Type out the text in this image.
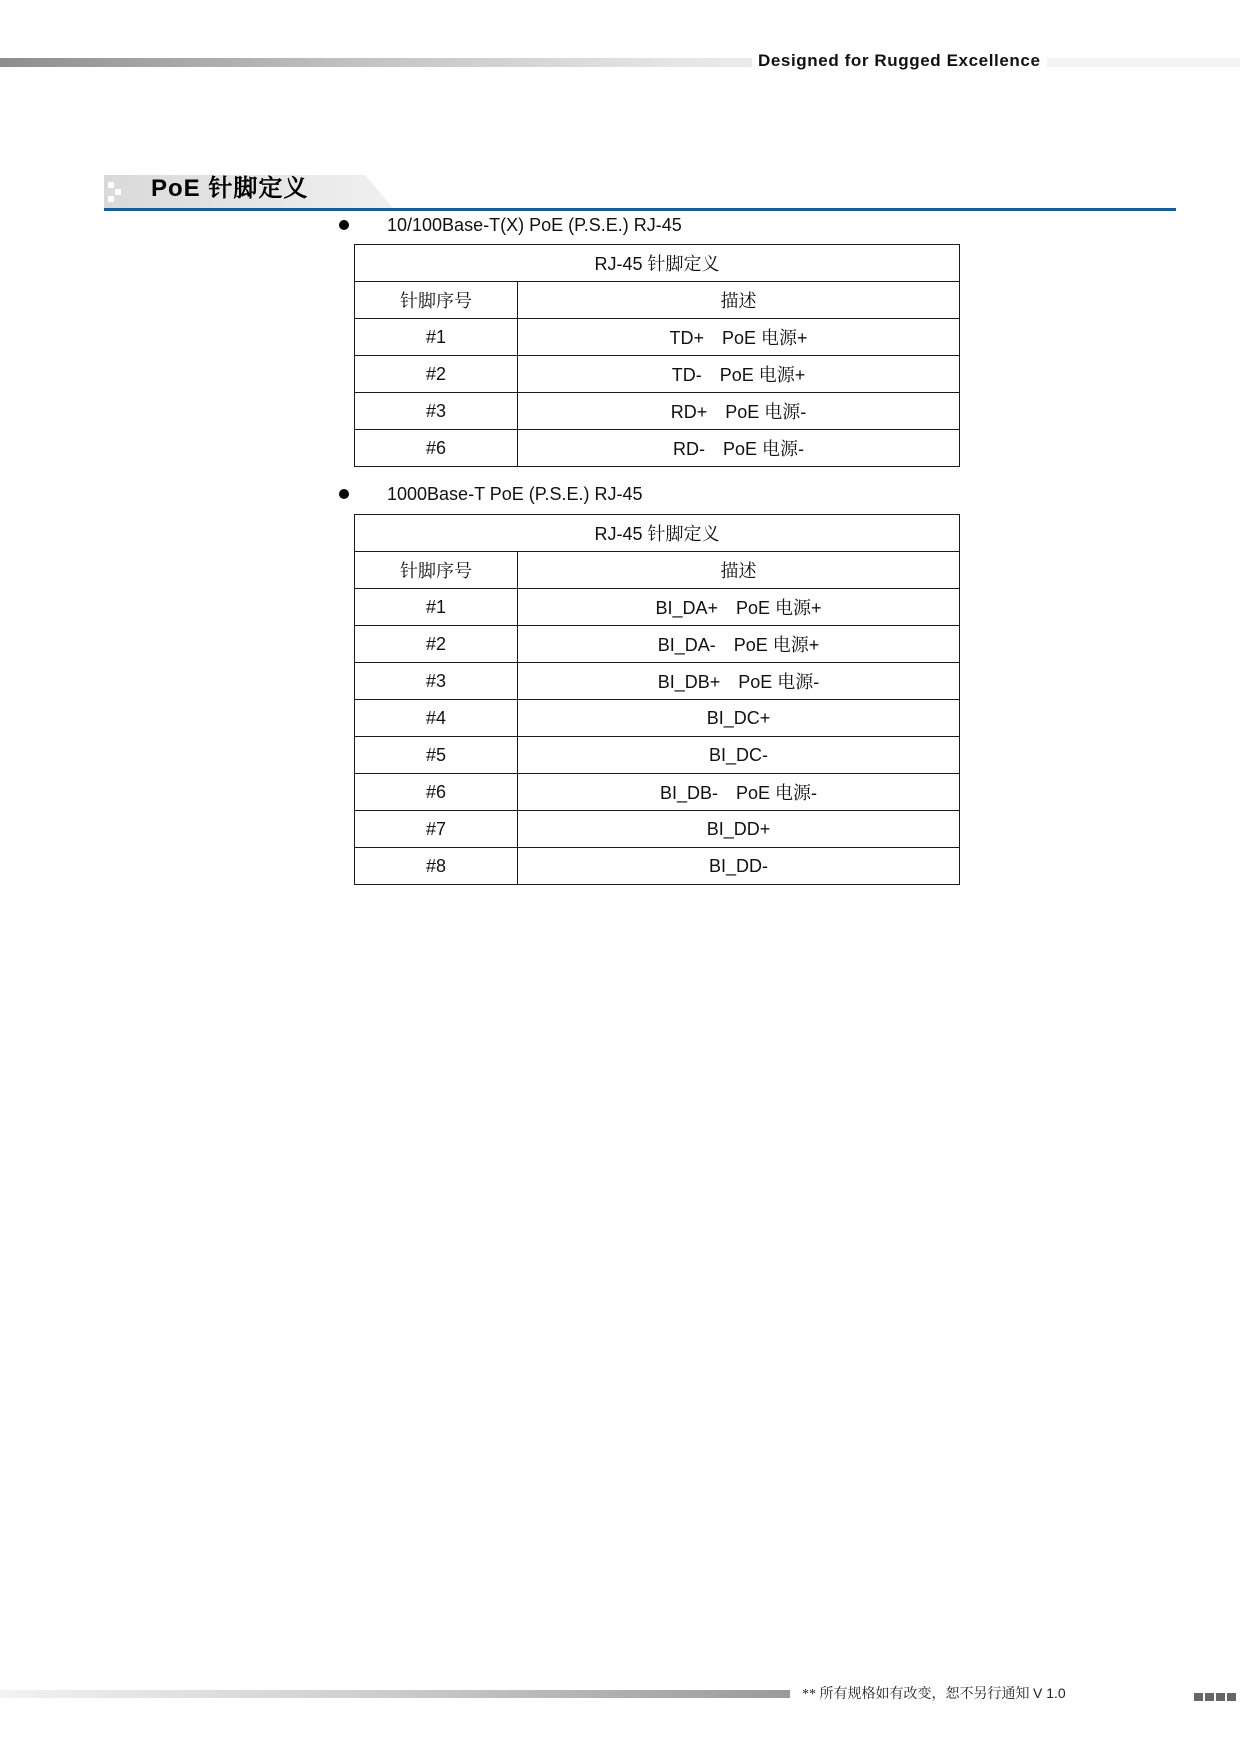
Designed for Rugged Excellence
PoE 针脚定义
10/100Base-T(X) PoE (P.S.E.) RJ-45
RJ-45 针脚定义	
针脚序号	描述
#1	TD+ PoE 电源+
#2	TD- PoE 电源+
#3	RD+ PoE 电源-
#6	RD- PoE 电源-
1000Base-T PoE (P.S.E.) RJ-45
RJ-45 针脚定义	
针脚序号	描述
#1	BI_DA+ PoE 电源+
#2	BI_DA- PoE 电源+
#3	BI_DB+ PoE 电源-
#4	BI_DC+
#5	BI_DC-
#6	BI_DB- PoE 电源-
#7	BI_DD+
#8	BI_DD-
** 所有规格如有改变，恕不另行通知 V 1.0
